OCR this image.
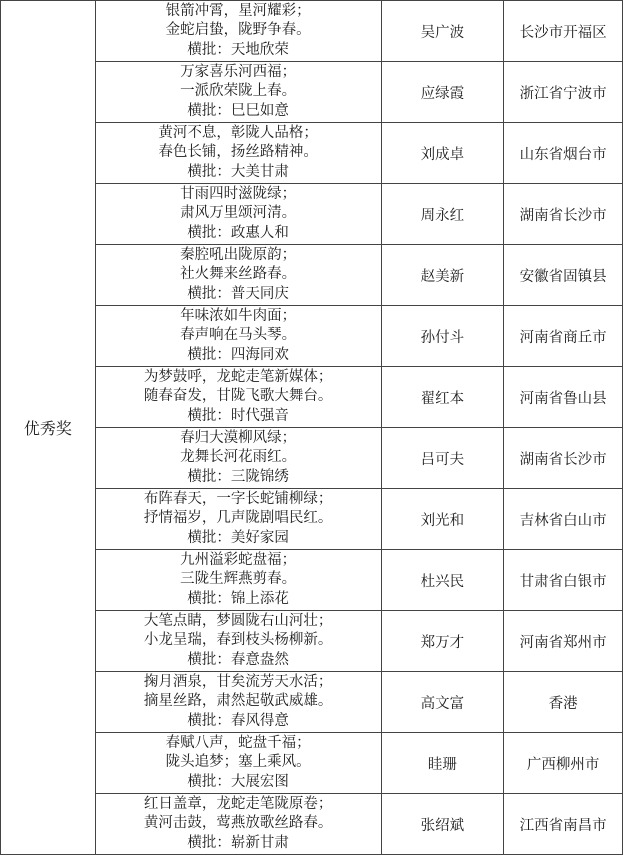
优秀奖	银箭冲霄，星河耀彩；
金蛇启蛰，陇野争春。
横批：天地欣荣	吴广波	长沙市开福区

	万家喜乐河西福；
一派欣荣陇上春。
横批：巳巳如意	应绿霞	浙江省宁波市

	黄河不息，彰陇人品格；
春色长铺，扬丝路精神。
横批：大美甘肃	刘成卓	山东省烟台市

	甘雨四时滋陇绿；
肃风万里颂河清。
横批：政惠人和	周永红	湖南省长沙市

	秦腔吼出陇原韵；
社火舞来丝路春。
横批：普天同庆	赵美新	安徽省固镇县

	年味浓如牛肉面；
春声响在马头琴。
横批：四海同欢	孙付斗	河南省商丘市

	为梦鼓呼，龙蛇走笔新媒体；
随春奋发，甘陇飞歌大舞台。
横批：时代强音	翟红本	河南省鲁山县

	春归大漠柳风绿；
龙舞长河花雨红。
横批：三陇锦绣	吕可夫	湖南省长沙市

	布阵春天，一字长蛇铺柳绿；
抒情福岁，几声陇剧唱民红。
横批：美好家园	刘光和	吉林省白山市

	九州溢彩蛇盘福；
三陇生辉燕剪春。
横批：锦上添花	杜兴民	甘肃省白银市

	大笔点睛，梦圆陇右山河壮；
小龙呈瑞，春到枝头杨柳新。
横批：春意盎然	郑万才	河南省郑州市

	掬月酒泉，甘矣流芳天水活；
摘星丝路，肃然起敬武威雄。
横批：春风得意	高文富	香港

	春赋八声，蛇盘千福；
陇头追梦；塞上乘风。
横批：大展宏图	眭珊	广西柳州市

	红日盖章，龙蛇走笔陇原卷；
黄河击鼓，莺燕放歌丝路春。
横批：崭新甘肃	张绍斌	江西省南昌市
